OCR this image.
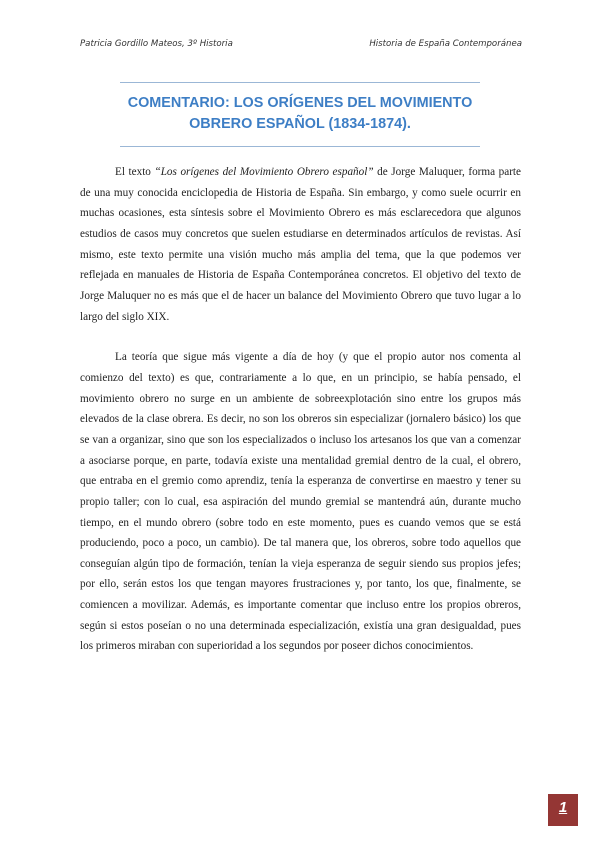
Patricia Gordillo Mateos, 3º Historia	Historia de España Contemporánea
COMENTARIO: LOS ORÍGENES DEL MOVIMIENTO
OBRERO ESPAÑOL (1834-1874).

El texto “Los orígenes del Movimiento Obrero español” de Jorge Maluquer, forma parte de una muy conocida enciclopedia de Historia de España. Sin embargo, y como suele ocurrir en muchas ocasiones, esta síntesis sobre el Movimiento Obrero es más esclarecedora que algunos estudios de casos muy concretos que suelen estudiarse en determinados artículos de revistas. Así mismo, este texto permite una visión mucho más amplia del tema, que la que podemos ver reflejada en manuales de Historia de España Contemporánea concretos. El objetivo del texto de Jorge Maluquer no es más que el de hacer un balance del Movimiento Obrero que tuvo lugar a lo largo del siglo XIX.

La teoría que sigue más vigente a día de hoy (y que el propio autor nos comenta al comienzo del texto) es que, contrariamente a lo que, en un principio, se había pensado, el movimiento obrero no surge en un ambiente de sobreexplotación sino entre los grupos más elevados de la clase obrera. Es decir, no son los obreros sin especializar (jornalero básico) los que se van a organizar, sino que son los especializados o incluso los artesanos los que van a comenzar a asociarse porque, en parte, todavía existe una mentalidad gremial dentro de la cual, el obrero, que entraba en el gremio como aprendiz, tenía la esperanza de convertirse en maestro y tener su propio taller; con lo cual, esa aspiración del mundo gremial se mantendrá aún, durante mucho tiempo, en el mundo obrero (sobre todo en este momento, pues es cuando vemos que se está produciendo, poco a poco, un cambio). De tal manera que, los obreros, sobre todo aquellos que conseguían algún tipo de formación, tenían la vieja esperanza de seguir siendo sus propios jefes; por ello, serán estos los que tengan mayores frustraciones y, por tanto, los que, finalmente, se comiencen a movilizar. Además, es importante comentar que incluso entre los propios obreros, según si estos poseían o no una determinada especialización, existía una gran desigualdad, pues los primeros miraban con superioridad a los segundos por poseer dichos conocimientos.

1
